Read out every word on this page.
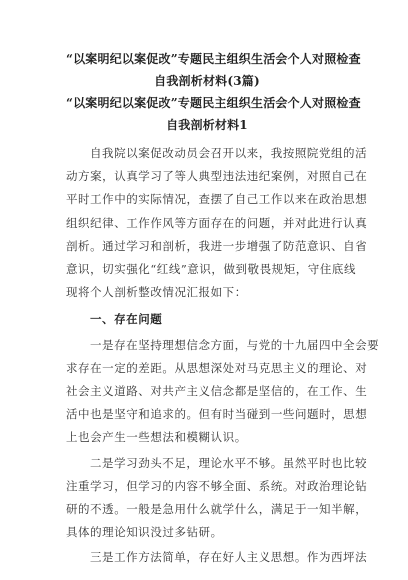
“以案明纪以案促改”专题民主组织生活会个人对照检查
自我剖析材料(3篇)
“以案明纪以案促改”专题民主组织生活会个人对照检查
自我剖析材料1
自我院以案促改动员会召开以来，我按照院党组的活
动方案，认真学习了等人典型违法违纪案例，对照自己在
平时工作中的实际情况，查摆了自己工作以来在政治思想
组织纪律、工作作风等方面存在的问题，并对此进行认真
剖析。通过学习和剖析，我进一步增强了防范意识、自省
意识，切实强化“红线”意识，做到敬畏规矩，守住底线
现将个人剖析整改情况汇报如下：
一、存在问题
一是存在坚持理想信念方面，与党的十九届四中全会要
求存在一定的差距。从思想深处对马克思主义的理论、对
社会主义道路、对共产主义信念都是坚信的，在工作、生
活中也是坚守和追求的。但有时当碰到一些问题时，思想
上也会产生一些想法和模糊认识。
二是学习劲头不足，理论水平不够。虽然平时也比较
注重学习，但学习的内容不够全面、系统。对政治理论钻
研的不透。一般是急用什么就学什么，满足于一知半解，
具体的理论知识没过多钻研。
三是工作方法简单，存在好人主义思想。作为西坪法
